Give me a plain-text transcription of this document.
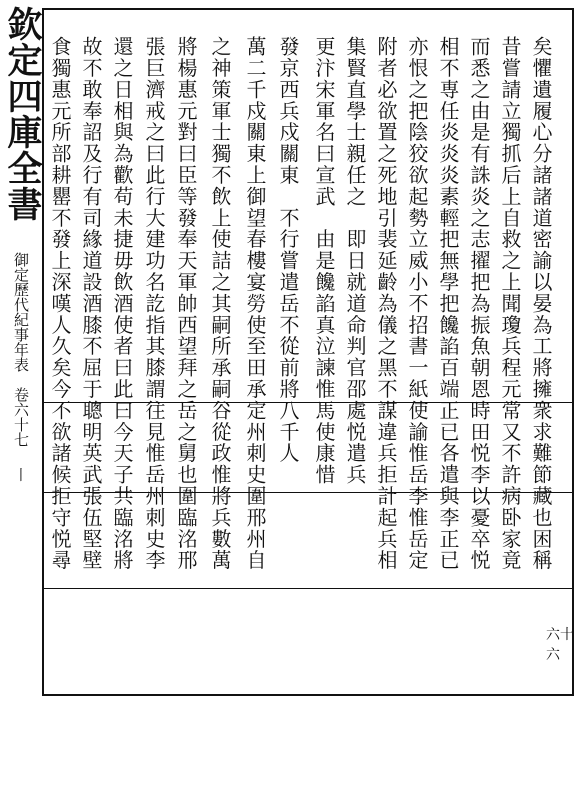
欽定四庫全書
御定歷代紀事年表　卷六十七
丨
六十六
矣懼遺履心分諸諸道密諭以晏為工將擁衆求難節藏也困稱
昔嘗請立獨抓后上自救之上聞瓊兵程元常又不許病卧家竟
而悉之由是有誅炎之志擢把為振魚朝恩時田悦李以憂卒悦
相不専任炎炎炎素輕把無學把饞諂百端正已各遣與李正已
亦恨之把陰狡欲起勢立威小不招書一紙使諭惟岳李惟岳定
附者必欲置之死地引裴延齡為儀之黑不謀違兵拒計起兵相
集賢直學士親任之　即日就道命判官邵處悦遣兵
更汴宋軍名曰宣武　由是饞諂真泣諫惟馬使康惜
發京西兵戍關東　不行嘗遣岳不從前將八千人
萬二千戍關東上御望春樓宴勞使至田承定州刺史圍邢州自
之神策軍士獨不飲上使詰之其嗣所承嗣谷從政惟將兵數萬
將楊惠元對曰臣等發奉天軍帥西望拜之岳之舅也圍臨洺邢
張巨濟戒之曰此行大建功名訖指其膝謂往見惟岳州刺史李
還之日相與為歡苟未捷毋飲酒使者曰此曰今天子共臨洺將
故不敢奉詔及行有司緣道設酒膝不屈于聰明英武張伍堅壁
食獨惠元所部耕罌不發上深嘆人久矣今不欲諸候拒守悦尋
